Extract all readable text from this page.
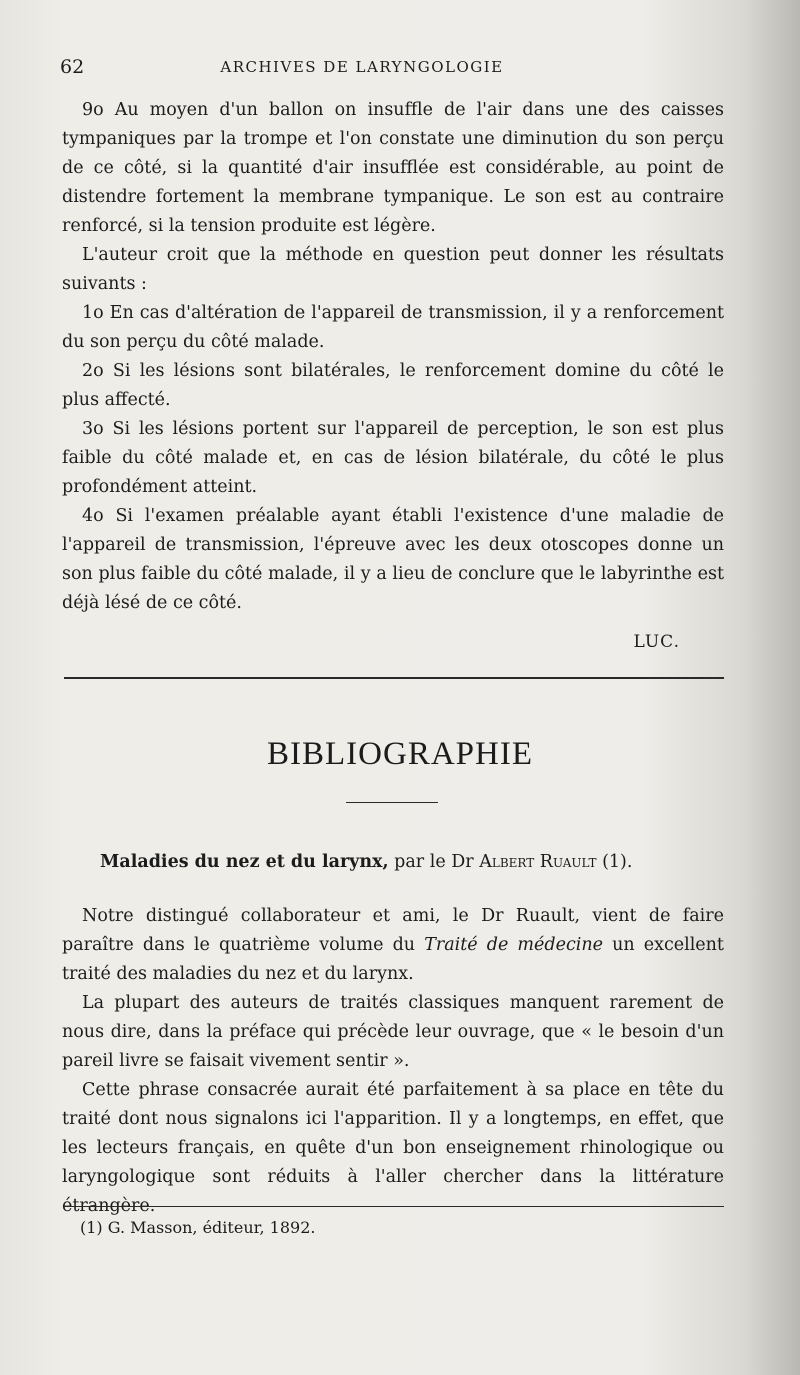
62	ARCHIVES DE LARYNGOLOGIE

9o Au moyen d'un ballon on insuffle de l'air dans une des caisses tympaniques par la trompe et l'on constate une diminution du son perçu de ce côté, si la quantité d'air insufflée est considérable, au point de distendre fortement la membrane tympanique. Le son est au contraire renforcé, si la tension produite est légère.

L'auteur croit que la méthode en question peut donner les résultats suivants :

1o En cas d'altération de l'appareil de transmission, il y a renforcement du son perçu du côté malade.

2o Si les lésions sont bilatérales, le renforcement domine du côté le plus affecté.

3o Si les lésions portent sur l'appareil de perception, le son est plus faible du côté malade et, en cas de lésion bilatérale, du côté le plus profondément atteint.

4o Si l'examen préalable ayant établi l'existence d'une maladie de l'appareil de transmission, l'épreuve avec les deux otoscopes donne un son plus faible du côté malade, il y a lieu de conclure que le labyrinthe est déjà lésé de ce côté.

LUC.
BIBLIOGRAPHIE
Maladies du nez et du larynx, par le Dr Albert Ruault (1).

Notre distingué collaborateur et ami, le Dr Ruault, vient de faire paraître dans le quatrième volume du Traité de médecine un excellent traité des maladies du nez et du larynx.

La plupart des auteurs de traités classiques manquent rarement de nous dire, dans la préface qui précède leur ouvrage, que « le besoin d'un pareil livre se faisait vivement sentir ».

Cette phrase consacrée aurait été parfaitement à sa place en tête du traité dont nous signalons ici l'apparition. Il y a longtemps, en effet, que les lecteurs français, en quête d'un bon enseignement rhinologique ou laryngologique sont réduits à l'aller chercher dans la littérature étrangère.

(1) G. Masson, éditeur, 1892.
